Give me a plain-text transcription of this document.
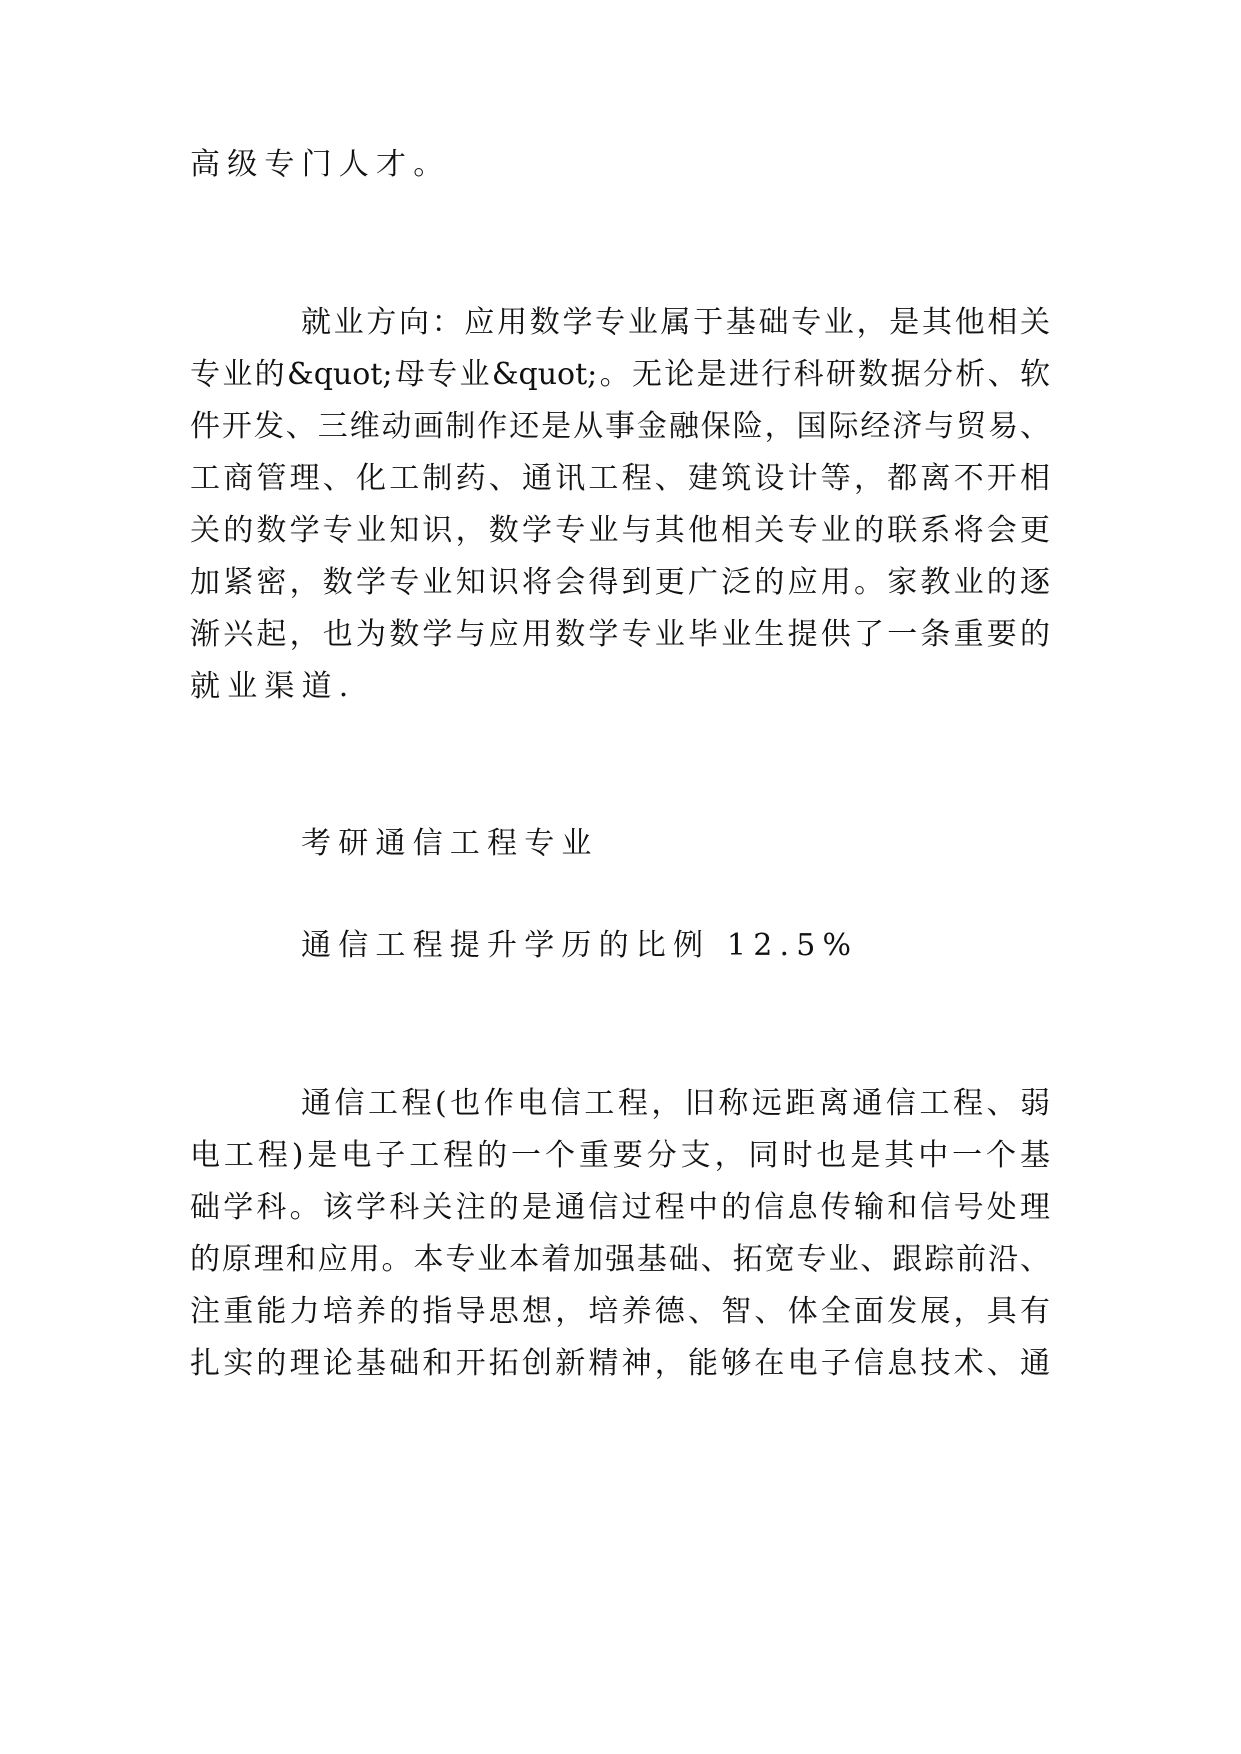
高级专门人才。

就业方向：应用数学专业属于基础专业，是其他相关

专业的&quot;母专业&quot;。无论是进行科研数据分析、软

件开发、三维动画制作还是从事金融保险，国际经济与贸易、

工商管理、化工制药、通讯工程、建筑设计等，都离不开相

关的数学专业知识，数学专业与其他相关专业的联系将会更

加紧密，数学专业知识将会得到更广泛的应用。家教业的逐

渐兴起，也为数学与应用数学专业毕业生提供了一条重要的

就业渠道.

考研通信工程专业

通信工程提升学历的比例 12.5%

通信工程(也作电信工程，旧称远距离通信工程、弱

电工程)是电子工程的一个重要分支，同时也是其中一个基

础学科。该学科关注的是通信过程中的信息传输和信号处理

的原理和应用。本专业本着加强基础、拓宽专业、跟踪前沿、

注重能力培养的指导思想，培养德、智、体全面发展，具有

扎实的理论基础和开拓创新精神，能够在电子信息技术、通
